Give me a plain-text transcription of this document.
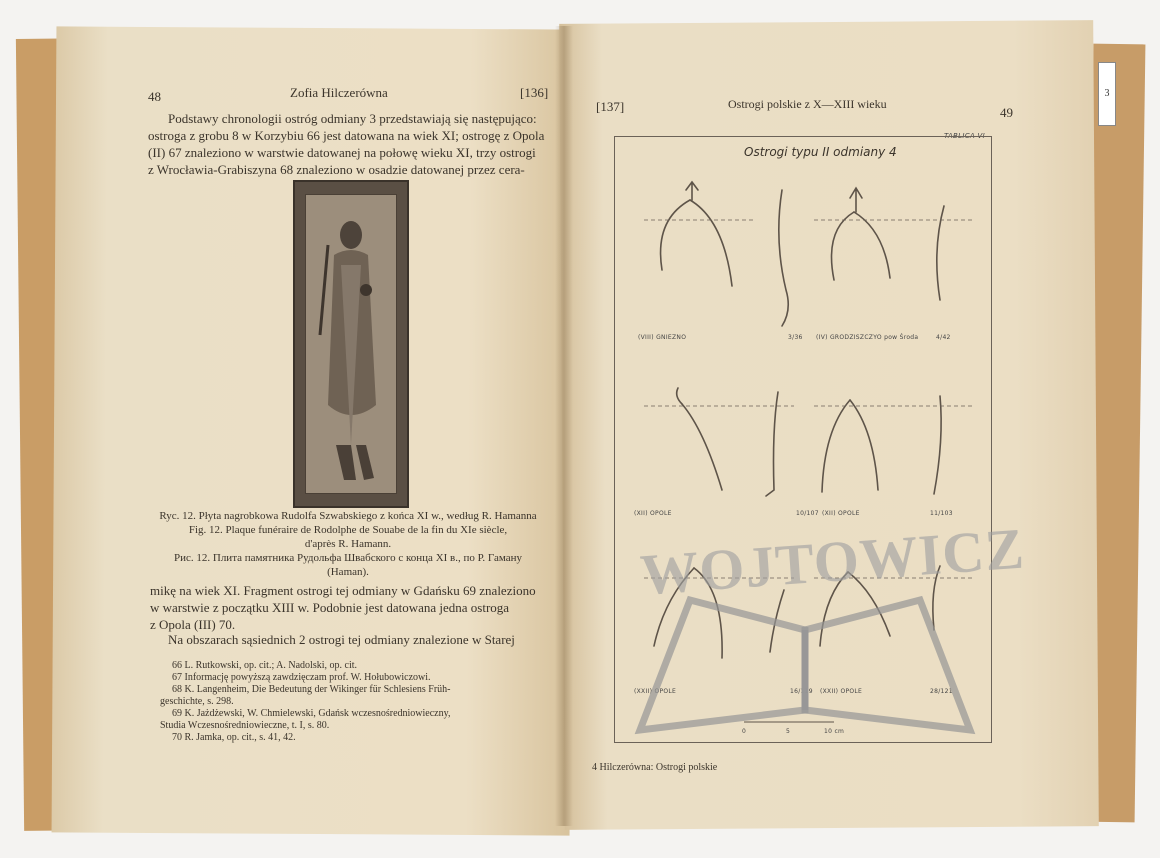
48	Zofia Hilczerówna	[136]
Podstawy chronologii ostróg odmiany 3 przedstawiają się następująco:
ostroga z grobu 8 w Korzybiu 66 jest datowana na wiek XI; ostrogę z Opola
(II) 67 znaleziono w warstwie datowanej na połowę wieku XI, trzy ostrogi
z Wrocławia-Grabiszyna 68 znaleziono w osadzie datowanej przez cera-
Ryc. 12. Płyta nagrobkowa Rudolfa Szwabskiego z końca XI w., według R. Hamanna
Fig. 12. Plaque funéraire de Rodolphe de Souabe de la fin du XIe siècle,
d'après R. Hamann.
Рис. 12. Плита памятника Рудольфа Швабского с конца XI в., по Р. Гаману
(Haman).
mikę na wiek XI. Fragment ostrogi tej odmiany w Gdańsku 69 znaleziono
w warstwie z początku XIII w. Podobnie jest datowana jedna ostroga
z Opola (III) 70.
Na obszarach sąsiednich 2 ostrogi tej odmiany znalezione w Starej
66 L. Rutkowski, op. cit.; A. Nadolski, op. cit.
67 Informację powyższą zawdzięczam prof. W. Hołubowiczowi.
68 K. Langenheim, Die Bedeutung der Wikinger für Schlesiens Früh-
geschichte, s. 298.
69 K. Jażdżewski, W. Chmielewski, Gdańsk wczesnośredniowieczny,
Studia Wczesnośredniowieczne, t. I, s. 80.
70 R. Jamka, op. cit., s. 41, 42.
3
[137]	Ostrogi polskie z X—XIII wieku
49
TABLICA VI
Ostrogi typu II odmiany 4
(VIII) GNIEZNO	3/36 (IV) GRODZISZCZYO pow Środa	4/42
(XII) OPOLE	10/107 (XII) OPOLE	11/103
(XXII) OPOLE	16/119 (XXII) OPOLE	28/121
0	5	10 cm
4 Hilczerówna: Ostrogi polskie
WOJTOWICZ
